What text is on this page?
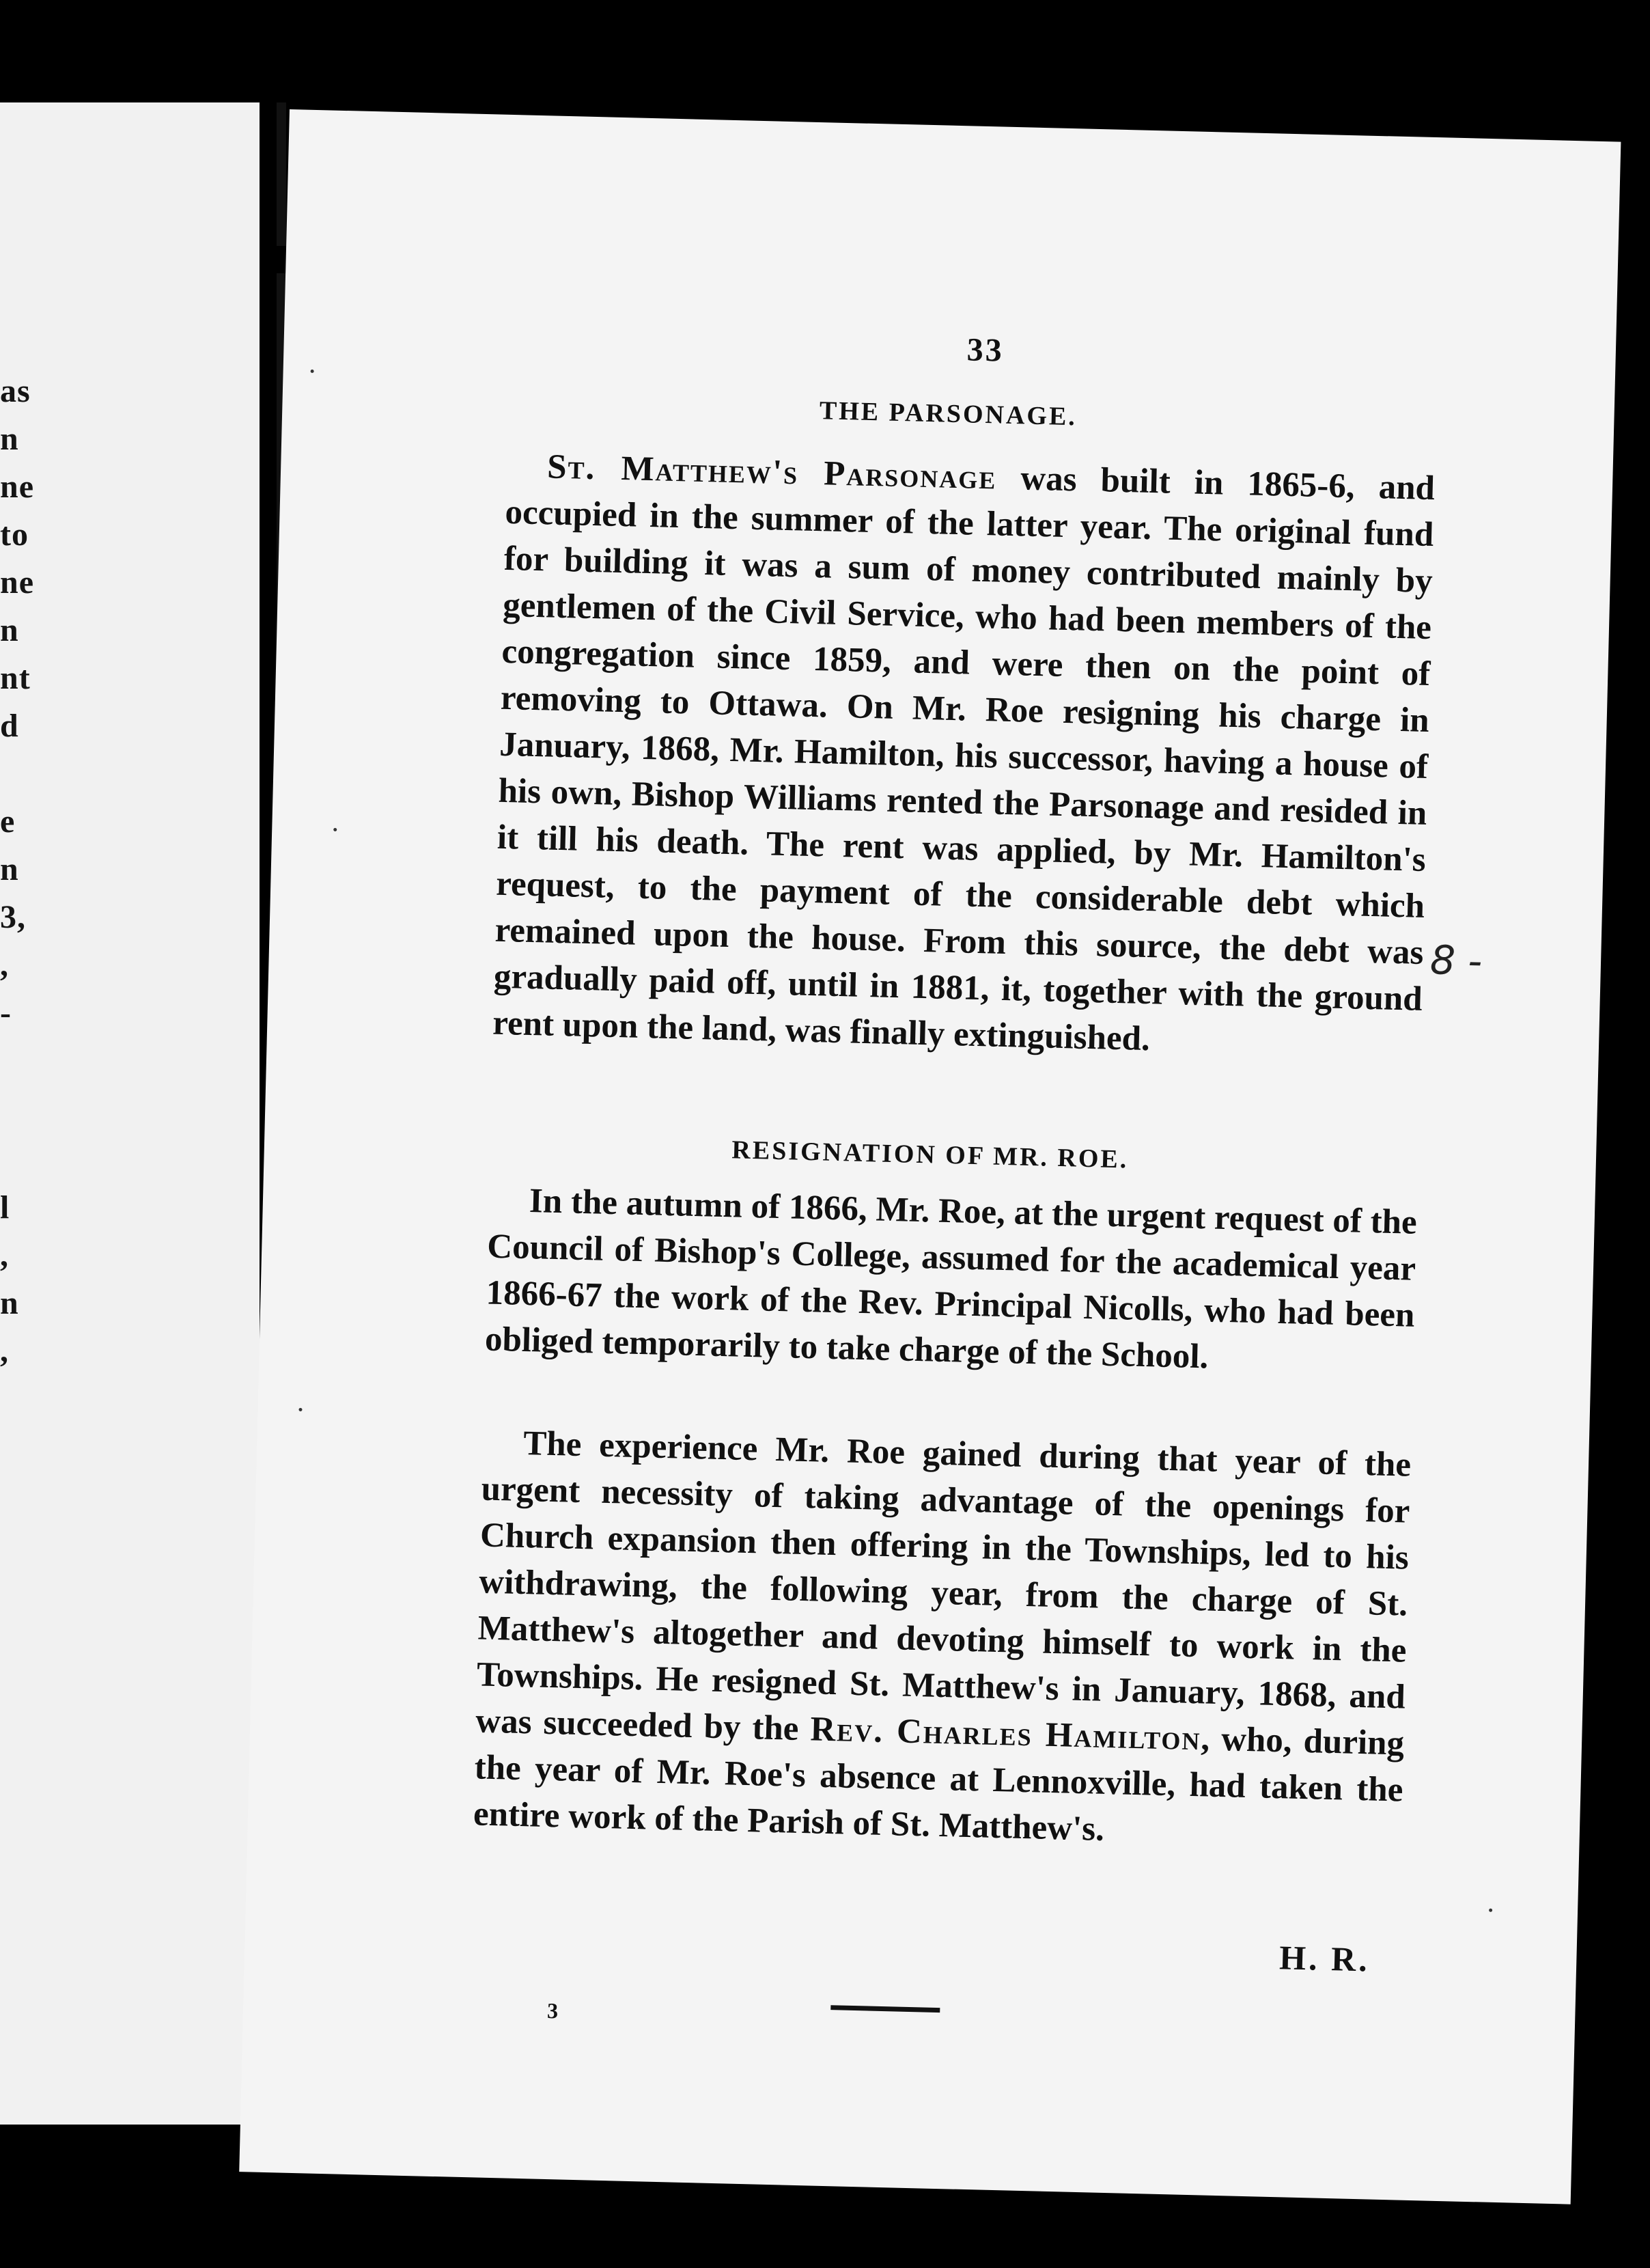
as
n
ne
to
ne
n
nt
d
e
n
3,
,
-
l
,
n
,
33
THE PARSONAGE.

St. Matthew's Parsonage was built in 1865-6, and occupied in the summer of the latter year. The original fund for building it was a sum of money contributed mainly by gentlemen of the Civil Service, who had been members of the congregation since 1859, and were then on the point of removing to Ottawa. On Mr. Roe resigning his charge in January, 1868, Mr. Hamilton, his successor, having a house of his own, Bishop Williams rented the Parsonage and resided in it till his death. The rent was applied, by Mr. Hamilton's request, to the payment of the considerable debt which remained upon the house. From this source, the debt was gradually paid off, until in 1881, it, together with the ground rent upon the land, was finally extinguished.

8 -
RESIGNATION OF MR. ROE.

In the autumn of 1866, Mr. Roe, at the urgent request of the Council of Bishop's College, assumed for the academical year 1866-67 the work of the Rev. Principal Nicolls, who had been obliged temporarily to take charge of the School.

The experience Mr. Roe gained during that year of the urgent necessity of taking advantage of the openings for Church expansion then offering in the Townships, led to his withdrawing, the following year, from the charge of St. Matthew's altogether and devoting himself to work in the Townships. He resigned St. Matthew's in January, 1868, and was succeeded by the Rev. Charles Hamilton, who, during the year of Mr. Roe's absence at Lennoxville, had taken the entire work of the Parish of St. Matthew's.

H. R.
3
